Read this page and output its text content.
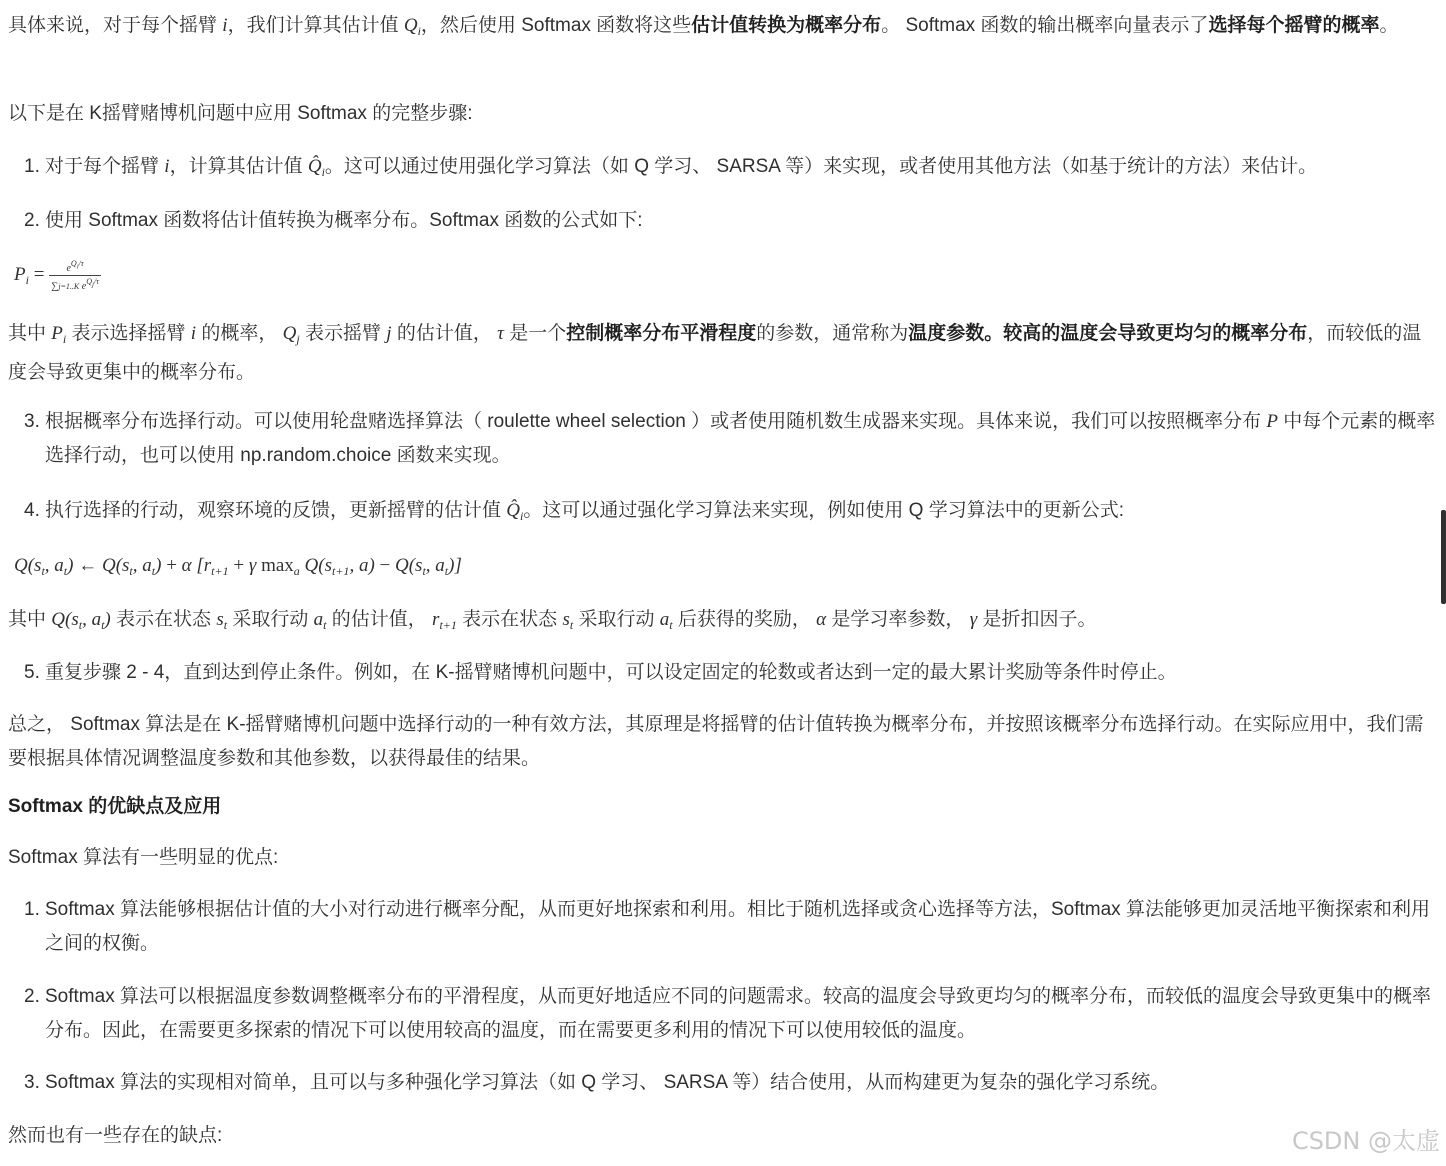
具体来说，对于每个摇臂 i，我们计算其估计值 $Q_i$，然后使用 Softmax 函数将这些估计值转换为概率分布。 Softmax 函数的输出概率向量表示了选择每个摇臂的概率。

以下是在 K摇臂赌博机问题中应用 Softmax 的完整步骤:

1. 对于每个摇臂 i，计算其估计值 $Q̂_i$。这可以通过使用强化学习算法（如 Q 学习、 SARSA 等）来实现，或者使用其他方法（如基于统计的方法）来估计。
2. 使用 Softmax 函数将估计值转换为概率分布。Softmax 函数的公式如下:
$P_i = \frac{e^{Q_i/\tau}}{\sum j=1..K e^{Q_j/\tau}}$

其中 $P_i$ 表示选择摇臂 i 的概率， $Q_j$ 表示摇臂 j 的估计值， τ 是一个控制概率分布平滑程度的参数，通常称为温度参数。较高的温度会导致更均匀的概率分布，而较低的温度会导致更集中的概率分布。

3. 根据概率分布选择行动。可以使用轮盘赌选择算法（ roulette wheel selection ）或者使用随机数生成器来实现。具体来说，我们可以按照概率分布 P 中每个元素的概率选择行动，也可以使用 np.random.choice 函数来实现。
4. 执行选择的行动，观察环境的反馈，更新摇臂的估计值 $Q̂_i$。这可以通过强化学习算法来实现，例如使用 Q 学习算法中的更新公式:
$Q(s_t$, $a_t$) ← $Q(s_t$, $a_t) + \alpha$ [$r_{t+1} + \gamma$ $\max_a Q(s_{t+1}$, $a) - Q(s_t$, $a_t$)]

其中 $Q(s_t$, $a_t$) 表示在状态 $s_t$ 采取行动 $a_t$ 的估计值， $r_{t+1}$ 表示在状态 $s_t$ 采取行动 $a_t$ 后获得的奖励， α 是学习率参数， γ 是折扣因子。

5. 重复步骤 2 - 4，直到达到停止条件。例如，在 K-摇臂赌博机问题中，可以设定固定的轮数或者达到一定的最大累计奖励等条件时停止。

总之， Softmax 算法是在 K-摇臂赌博机问题中选择行动的一种有效方法，其原理是将摇臂的估计值转换为概率分布，并按照该概率分布选择行动。在实际应用中，我们需要根据具体情况调整温度参数和其他参数，以获得最佳的结果。

Softmax 的优缺点及应用

Softmax 算法有一些明显的优点:

1. Softmax 算法能够根据估计值的大小对行动进行概率分配，从而更好地探索和利用。相比于随机选择或贪心选择等方法，Softmax 算法能够更加灵活地平衡探索和利用之间的权衡。
2. Softmax 算法可以根据温度参数调整概率分布的平滑程度，从而更好地适应不同的问题需求。较高的温度会导致更均匀的概率分布，而较低的温度会导致更集中的概率分布。因此，在需要更多探索的情况下可以使用较高的温度，而在需要更多利用的情况下可以使用较低的温度。
3. Softmax 算法的实现相对简单，且可以与多种强化学习算法（如 Q 学习、 SARSA 等）结合使用，从而构建更为复杂的强化学习系统。

然而也有一些存在的缺点:	CSDN @太虚
